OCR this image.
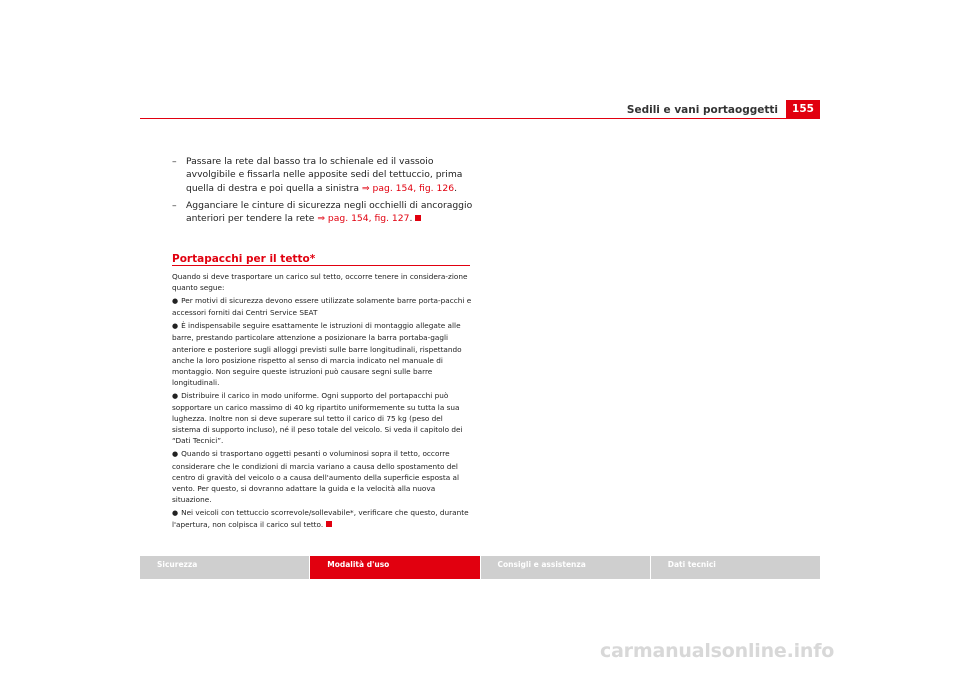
Sedili e vani portaoggetti	155
– Passare la rete dal basso tra lo schienale ed il vassoio avvolgibile e fissarla nelle apposite sedi del tettuccio, prima quella di destra e poi quella a sinistra ⇒ pag. 154, fig. 126.
– Agganciare le cinture di sicurezza negli occhielli di ancoraggio anteriori per tendere la rete ⇒ pag. 154, fig. 127.
Portapacchi per il tetto*

Quando si deve trasportare un carico sul tetto, occorre tenere in considera-zione quanto segue:

● Per motivi di sicurezza devono essere utilizzate solamente barre porta-pacchi e accessori forniti dai Centri Service SEAT

● È indispensabile seguire esattamente le istruzioni di montaggio allegate alle barre, prestando particolare attenzione a posizionare la barra portaba-gagli anteriore e posteriore sugli alloggi previsti sulle barre longitudinali, rispettando anche la loro posizione rispetto al senso di marcia indicato nel manuale di montaggio. Non seguire queste istruzioni può causare segni sulle barre longitudinali.

● Distribuire il carico in modo uniforme. Ogni supporto del portapacchi può sopportare un carico massimo di 40 kg ripartito uniformemente su tutta la sua lughezza. Inoltre non si deve superare sul tetto il carico di 75 kg (peso del sistema di supporto incluso), né il peso totale del veicolo. Si veda il capitolo dei “Dati Tecnici”.

● Quando si trasportano oggetti pesanti o voluminosi sopra il tetto, occorre considerare che le condizioni di marcia variano a causa dello spostamento del centro di gravità del veicolo o a causa dell'aumento della superficie esposta al vento. Per questo, si dovranno adattare la guida e la velocità alla nuova situazione.

● Nei veicoli con tettuccio scorrevole/sollevabile*, verificare che questo, durante l'apertura, non colpisca il carico sul tetto.

Sicurezza	Modalità d'uso	Consigli e assistenza	Dati tecnici
carmanualsonline.info
